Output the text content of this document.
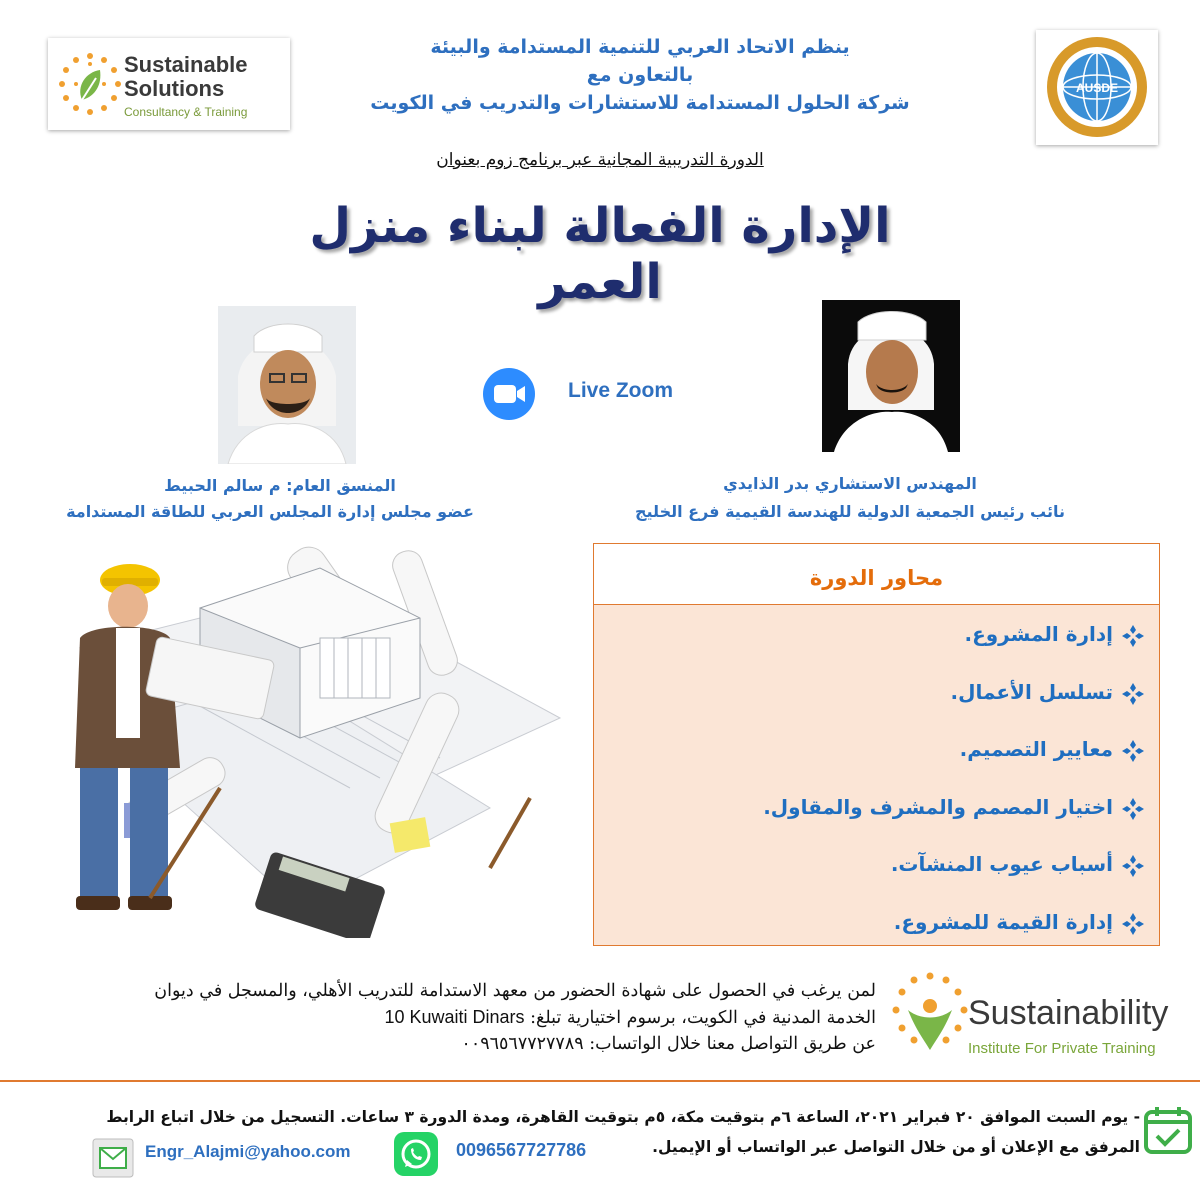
Sustainable
Solutions
Consultancy & Training
AUSDE
ينظم الاتحاد العربي للتنمية المستدامة والبيئة
بالتعاون مع
شركة الحلول المستدامة للاستشارات والتدريب في الكويت
الدورة التدريبية المجانية عبر برنامج زوم بعنوان
الإدارة الفعالة لبناء منزل العمر
Live Zoom
المنسق العام: م سالم الحبيط
عضو مجلس إدارة المجلس العربي للطاقة المستدامة
المهندس الاستشاري بدر الذايدي
نائب رئيس الجمعية الدولية للهندسة القيمية فرع الخليج
محاور الدورة
إدارة المشروع.
تسلسل الأعمال.
معايير التصميم.
اختيار المصمم والمشرف والمقاول.
أسباب عيوب المنشآت.
إدارة القيمة للمشروع.
لمن يرغب في الحصول على شهادة الحضور من معهد الاستدامة للتدريب الأهلي، والمسجل في ديوان
الخدمة المدنية في الكويت، برسوم اختيارية تبلغ: 10 Kuwaiti Dinars
عن طريق التواصل معنا خلال الواتساب: ٠٠٩٦٥٦٧٧٢٧٧٨٩
Sustainability
Institute For Private Training
- يوم السبت الموافق ٢٠ فبراير ٢٠٢١، الساعة ٦م بتوقيت مكة، ٥م بتوقيت القاهرة، ومدة الدورة ٣ ساعات. التسجيل من خلال اتباع الرابط
المرفق مع الإعلان أو من خلال التواصل عبر الواتساب أو الإيميل.
Engr_Alajmi@yahoo.com	0096567727786
